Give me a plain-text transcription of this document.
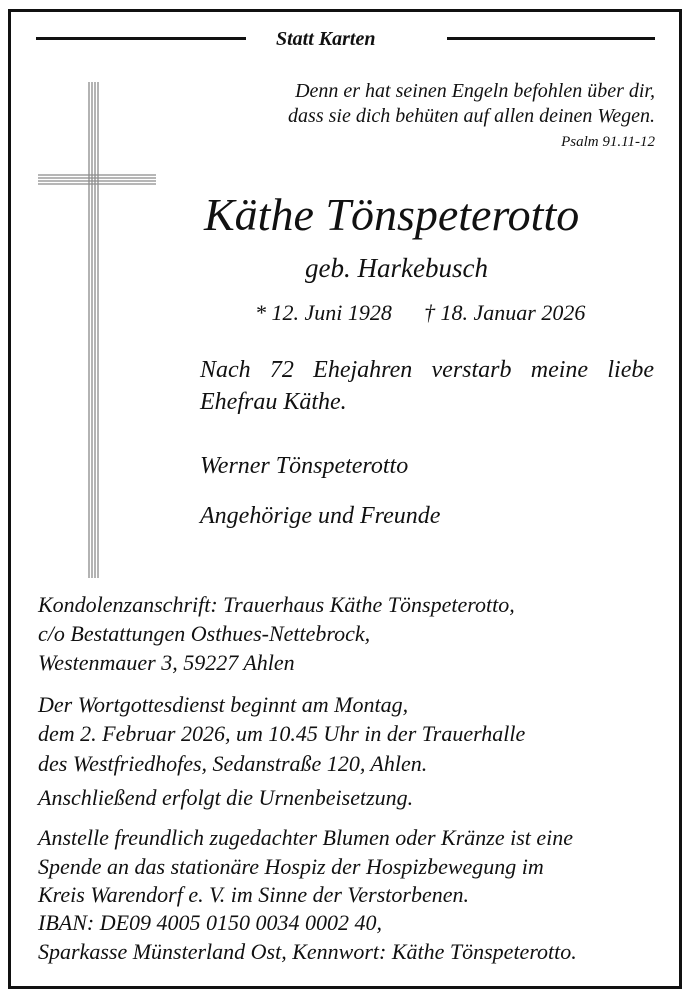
Statt Karten
Denn er hat seinen Engeln befohlen über dir,
dass sie dich behüten auf allen deinen Wegen.
Psalm 91.11-12
Käthe Tönspeterotto
geb. Harkebusch
* 12. Juni 1928 † 18. Januar 2026
Nach 72 Ehejahren verstarb meine liebe
Ehefrau Käthe.
Werner Tönspeterotto
Angehörige und Freunde
Kondolenzanschrift: Trauerhaus Käthe Tönspeterotto,
c/o Bestattungen Osthues-Nettebrock,
Westenmauer 3, 59227 Ahlen
Der Wortgottesdienst beginnt am Montag,
dem 2. Februar 2026, um 10.45 Uhr in der Trauerhalle
des Westfriedhofes, Sedanstraße 120, Ahlen.
Anschließend erfolgt die Urnenbeisetzung.
Anstelle freundlich zugedachter Blumen oder Kränze ist eine
Spende an das stationäre Hospiz der Hospizbewegung im
Kreis Warendorf e. V. im Sinne der Verstorbenen.
IBAN: DE09 4005 0150 0034 0002 40,
Sparkasse Münsterland Ost, Kennwort: Käthe Tönspeterotto.
